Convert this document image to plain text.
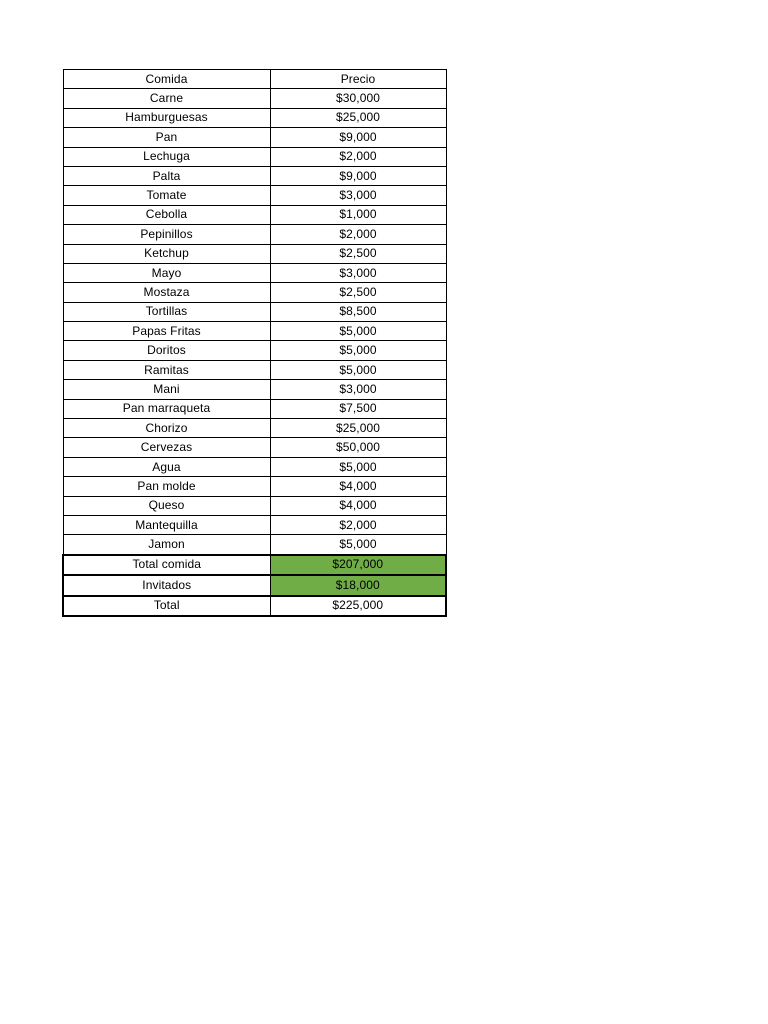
Comida	Precio
Carne	$30,000
Hamburguesas	$25,000
Pan	$9,000
Lechuga	$2,000
Palta	$9,000
Tomate	$3,000
Cebolla	$1,000
Pepinillos	$2,000
Ketchup	$2,500
Mayo	$3,000
Mostaza	$2,500
Tortillas	$8,500
Papas Fritas	$5,000
Doritos	$5,000
Ramitas	$5,000
Mani	$3,000
Pan marraqueta	$7,500
Chorizo	$25,000
Cervezas	$50,000
Agua	$5,000
Pan molde	$4,000
Queso	$4,000
Mantequilla	$2,000
Jamon	$5,000
Total comida	$207,000
Invitados	$18,000
Total	$225,000
